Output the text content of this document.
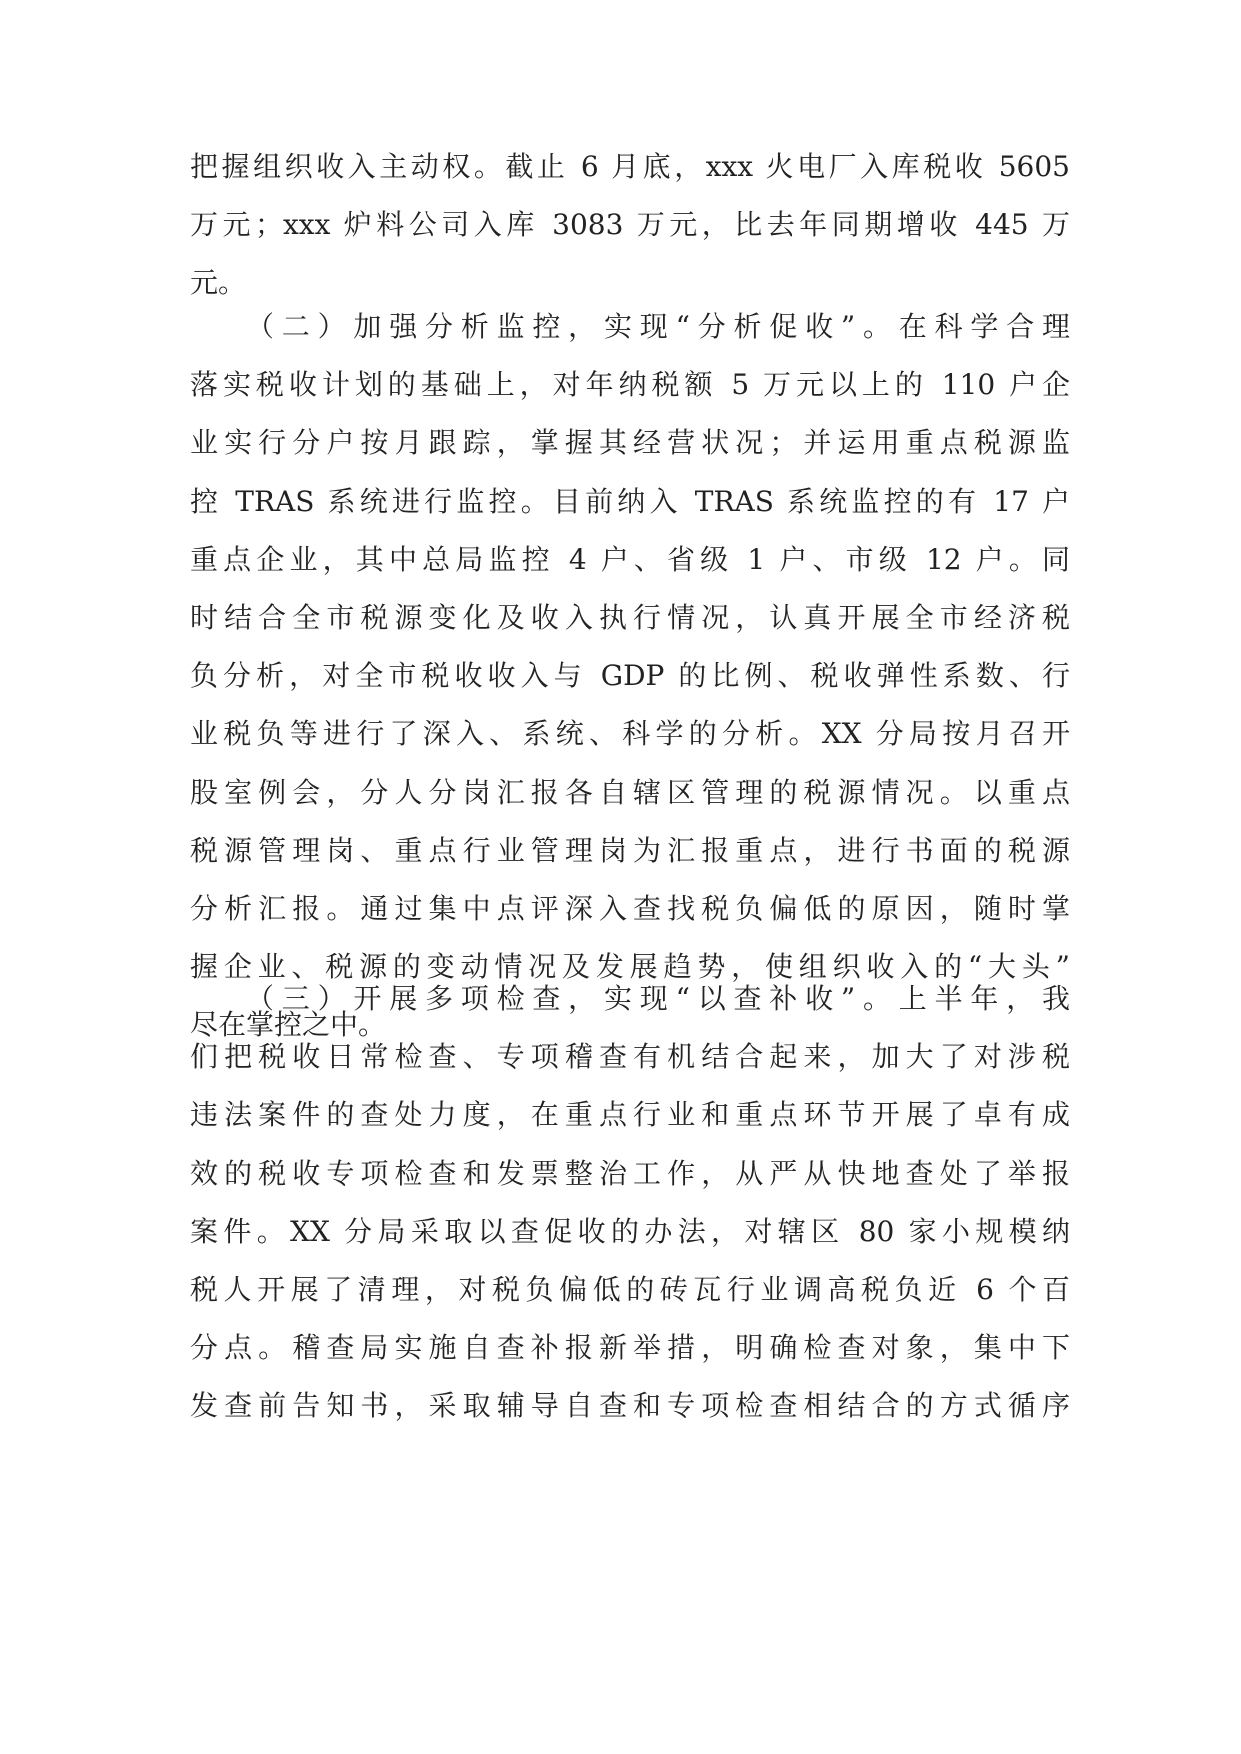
把握组织收入主动权。截止 6 月底，xxx 火电厂入库税收 5605
万元；xxx 炉料公司入库 3083 万元，比去年同期增收 445 万
元。
（二）加强分析监控，实现“分析促收”。在科学合理
落实税收计划的基础上，对年纳税额 5 万元以上的 110 户企
业实行分户按月跟踪，掌握其经营状况；并运用重点税源监
控 TRAS 系统进行监控。目前纳入 TRAS 系统监控的有 17 户
重点企业，其中总局监控 4 户、省级 1 户、市级 12 户。同
时结合全市税源变化及收入执行情况，认真开展全市经济税
负分析，对全市税收收入与 GDP 的比例、税收弹性系数、行
业税负等进行了深入、系统、科学的分析。XX 分局按月召开
股室例会，分人分岗汇报各自辖区管理的税源情况。以重点
税源管理岗、重点行业管理岗为汇报重点，进行书面的税源
分析汇报。通过集中点评深入查找税负偏低的原因，随时掌
握企业、税源的变动情况及发展趋势，使组织收入的“大头”
尽在掌控之中。
（三）开展多项检查，实现“以查补收”。上半年，我
们把税收日常检查、专项稽查有机结合起来，加大了对涉税
违法案件的查处力度，在重点行业和重点环节开展了卓有成
效的税收专项检查和发票整治工作，从严从快地查处了举报
案件。XX 分局采取以查促收的办法，对辖区 80 家小规模纳
税人开展了清理，对税负偏低的砖瓦行业调高税负近 6 个百
分点。稽查局实施自查补报新举措，明确检查对象，集中下
发查前告知书，采取辅导自查和专项检查相结合的方式循序
